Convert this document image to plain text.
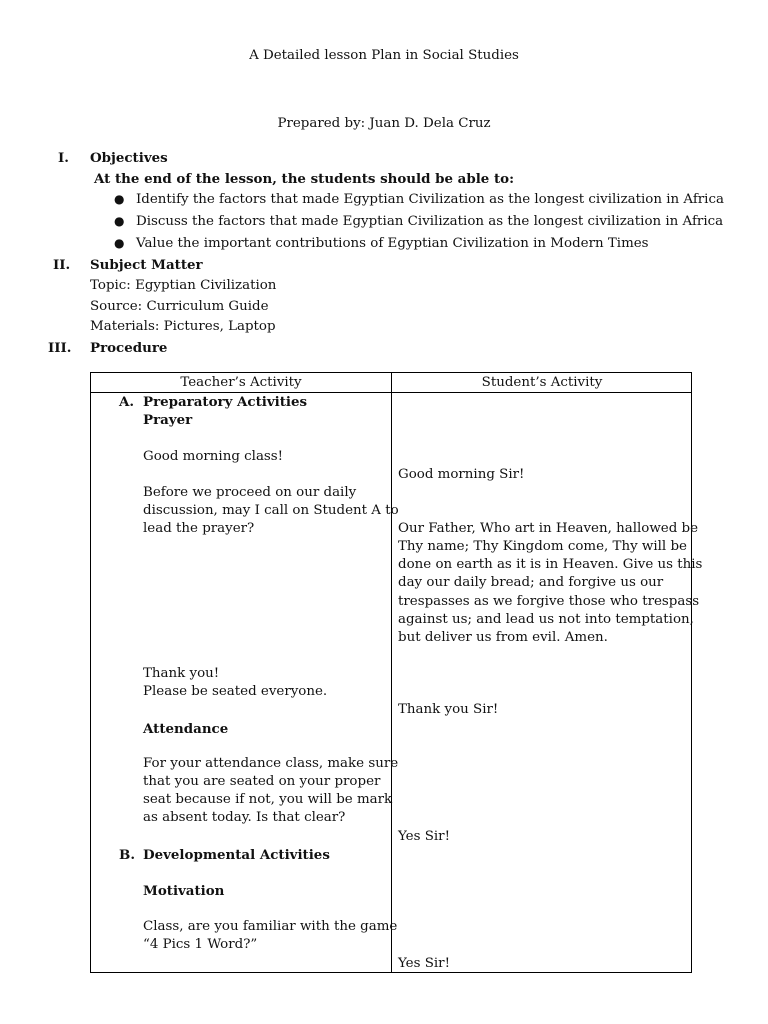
A Detailed lesson Plan in Social Studies
Prepared by: Juan D. Dela Cruz
I. Objectives
At the end of the lesson, the students should be able to:
● Identify the factors that made Egyptian Civilization as the longest civilization in Africa
● Discuss the factors that made Egyptian Civilization as the longest civilization in Africa
● Value the important contributions of Egyptian Civilization in Modern Times
II. Subject Matter
Topic: Egyptian Civilization
Source: Curriculum Guide
Materials: Pictures, Laptop
III. Procedure
Teacher’s Activity	Student’s Activity
A. Preparatory Activities
Prayer
Good morning class!
Before we proceed on our daily
discussion, may I call on Student A to
lead the prayer?
Thank you!
Please be seated everyone.
Attendance
For your attendance class, make sure
that you are seated on your proper
seat because if not, you will be mark
as absent today. Is that clear?
B. Developmental Activities
Motivation
Class, are you familiar with the game
“4 Pics 1 Word?”
Good morning Sir!
Our Father, Who art in Heaven, hallowed be
Thy name; Thy Kingdom come, Thy will be
done on earth as it is in Heaven. Give us this
day our daily bread; and forgive us our
trespasses as we forgive those who trespass
against us; and lead us not into temptation,
but deliver us from evil. Amen.
Thank you Sir!
Yes Sir!
Yes Sir!
